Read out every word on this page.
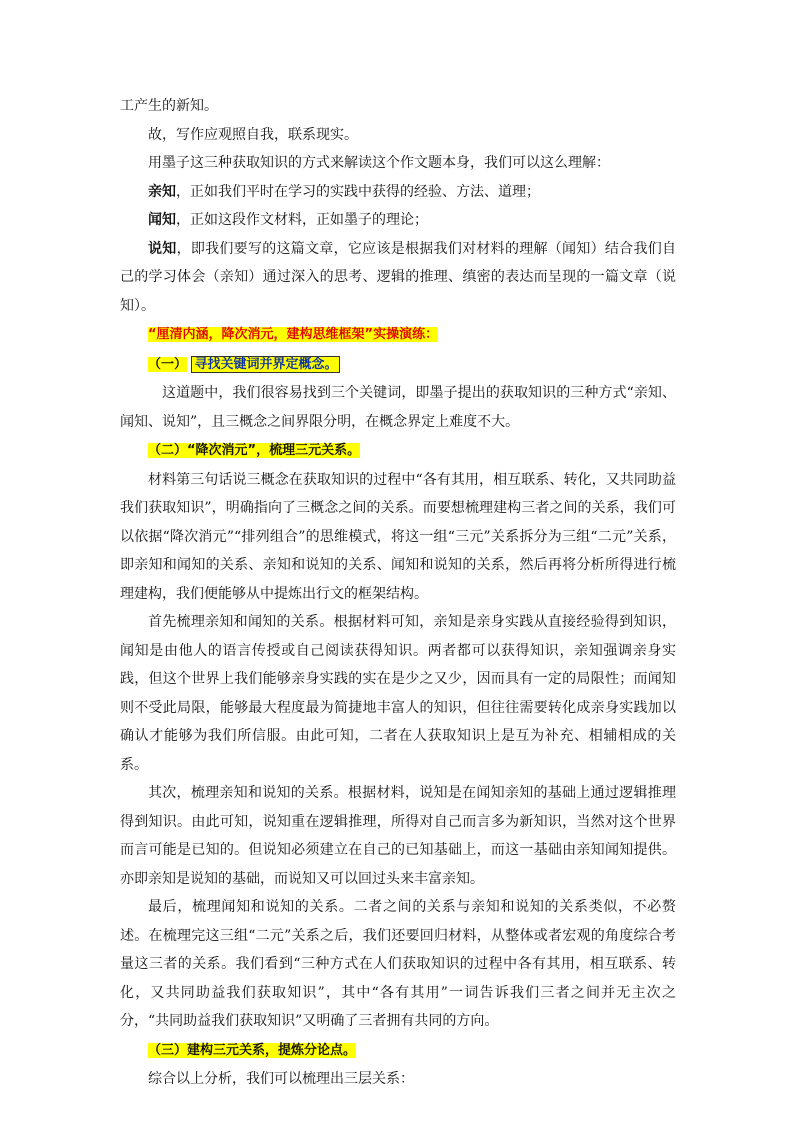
工产生的新知。

故，写作应观照自我，联系现实。

用墨子这三种获取知识的方式来解读这个作文题本身，我们可以这么理解：

亲知，正如我们平时在学习的实践中获得的经验、方法、道理；

闻知，正如这段作文材料，正如墨子的理论；

说知，即我们要写的这篇文章，它应该是根据我们对材料的理解（闻知）结合我们自己的学习体会（亲知）通过深入的思考、逻辑的推理、缜密的表达而呈现的一篇文章（说知）。

“厘清内涵，降次消元，建构思维框架”实操演练：

（一） 寻找关键词并界定概念。

这道题中，我们很容易找到三个关键词，即墨子提出的获取知识的三种方式“亲知、闻知、说知”，且三概念之间界限分明，在概念界定上难度不大。

（二）“降次消元”，梳理三元关系。

材料第三句话说三概念在获取知识的过程中“各有其用，相互联系、转化，又共同助益我们获取知识”，明确指向了三概念之间的关系。而要想梳理建构三者之间的关系，我们可以依据“降次消元”“排列组合”的思维模式，将这一组“三元”关系拆分为三组“二元”关系，即亲知和闻知的关系、亲知和说知的关系、闻知和说知的关系，然后再将分析所得进行梳理建构，我们便能够从中提炼出行文的框架结构。

首先梳理亲知和闻知的关系。根据材料可知，亲知是亲身实践从直接经验得到知识，闻知是由他人的语言传授或自己阅读获得知识。两者都可以获得知识，亲知强调亲身实践，但这个世界上我们能够亲身实践的实在是少之又少，因而具有一定的局限性；而闻知则不受此局限，能够最大程度最为简捷地丰富人的知识，但往往需要转化成亲身实践加以确认才能够为我们所信服。由此可知，二者在人获取知识上是互为补充、相辅相成的关系。

其次，梳理亲知和说知的关系。根据材料，说知是在闻知亲知的基础上通过逻辑推理得到知识。由此可知，说知重在逻辑推理，所得对自己而言多为新知识，当然对这个世界而言可能是已知的。但说知必须建立在自己的已知基础上，而这一基础由亲知闻知提供。亦即亲知是说知的基础，而说知又可以回过头来丰富亲知。

最后，梳理闻知和说知的关系。二者之间的关系与亲知和说知的关系类似，不必赘述。在梳理完这三组“二元”关系之后，我们还要回归材料，从整体或者宏观的角度综合考量这三者的关系。我们看到“三种方式在人们获取知识的过程中各有其用，相互联系、转化，又共同助益我们获取知识”，其中“各有其用”一词告诉我们三者之间并无主次之分，“共同助益我们获取知识”又明确了三者拥有共同的方向。

（三）建构三元关系，提炼分论点。

综合以上分析，我们可以梳理出三层关系：
